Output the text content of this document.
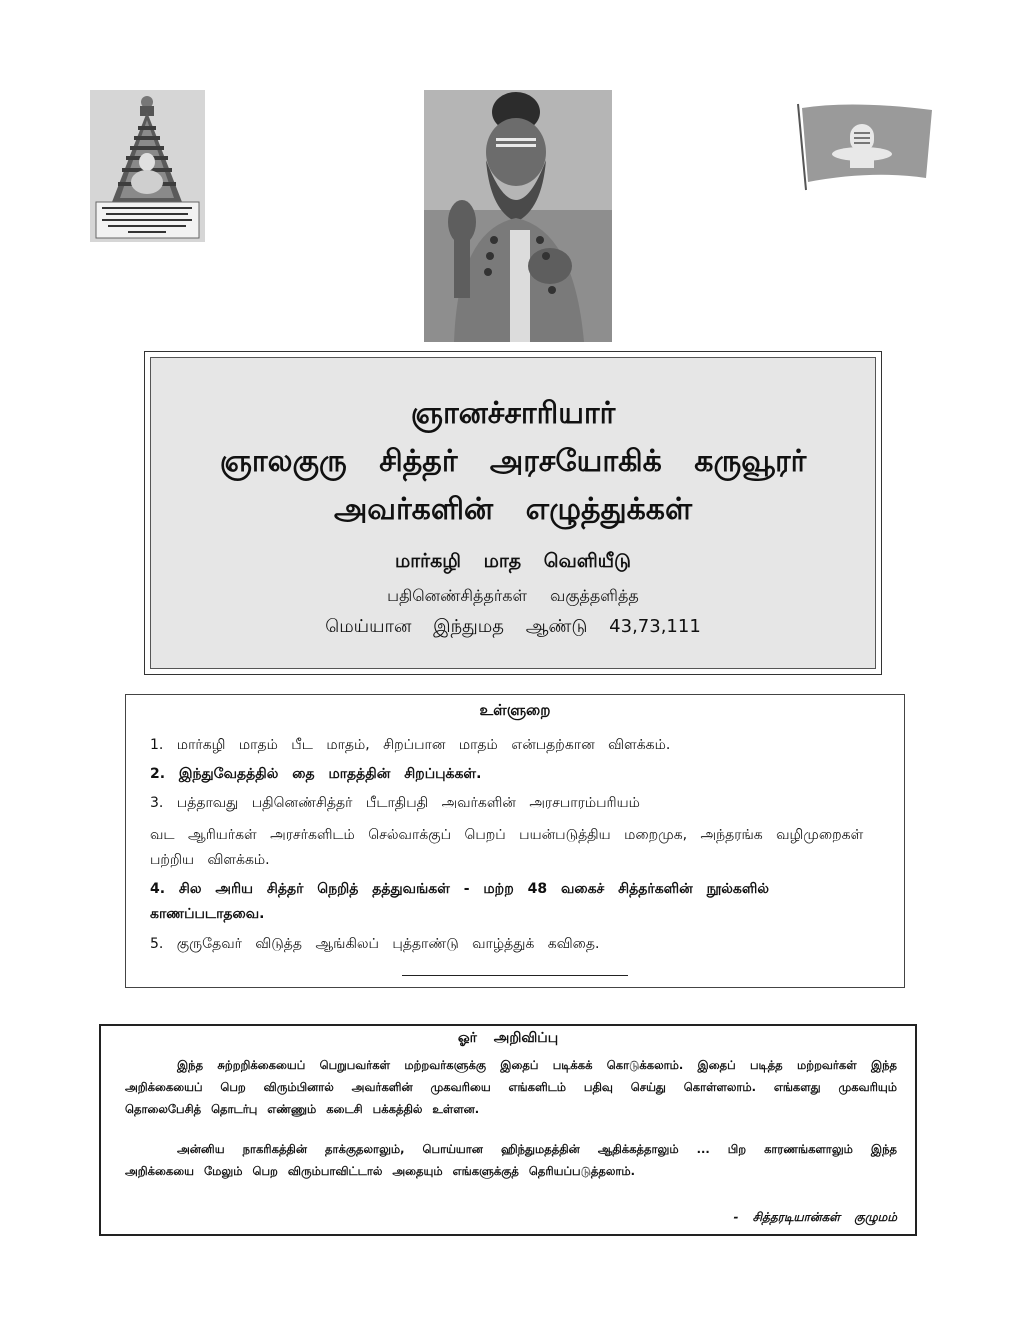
ஞானச்சாரியார்
ஞாலகுரு சித்தர் அரசயோகிக் கருவூரர்
அவர்களின் எழுத்துக்கள்
மார்கழி மாத வெளியீடு
பதினெண்சித்தர்கள் வகுத்தளித்த
மெய்யான இந்துமத ஆண்டு 43,73,111
உள்ளுறை
1. மார்கழி மாதம் பீட மாதம், சிறப்பான மாதம் என்பதற்கான விளக்கம்.
2. இந்துவேதத்தில் தை மாதத்தின் சிறப்புக்கள்.
3. பத்தாவது பதினெண்சித்தர் பீடாதிபதி அவர்களின் அரசபாரம்பரியம்
வட ஆரியர்கள் அரசர்களிடம் செல்வாக்குப் பெறப் பயன்படுத்திய மறைமுக, அந்தரங்க வழிமுறைகள் பற்றிய விளக்கம்.
4. சில அரிய சித்தர் நெறித் தத்துவங்கள் - மற்ற 48 வகைச் சித்தர்களின் நூல்களில் காணப்படாதவை.
5. குருதேவர் விடுத்த ஆங்கிலப் புத்தாண்டு வாழ்த்துக் கவிதை.
ஓர் அறிவிப்பு
இந்த சுற்றறிக்கையைப் பெறுபவர்கள் மற்றவர்களுக்கு இதைப் படிக்கக் கொடுக்கலாம். இதைப் படித்த மற்றவர்கள் இந்த அறிக்கையைப் பெற விரும்பினால் அவர்களின் முகவரியை எங்களிடம் பதிவு செய்து கொள்ளலாம். எங்களது முகவரியும் தொலைபேசித் தொடர்பு எண்ணும் கடைசி பக்கத்தில் உள்ளன.
அன்னிய நாகரிகத்தின் தாக்குதலாலும், பொய்யான ஹிந்துமதத்தின் ஆதிக்கத்தாலும் ... பிற காரணங்களாலும் இந்த அறிக்கையை மேலும் பெற விரும்பாவிட்டால் அதையும் எங்களுக்குத் தெரியப்படுத்தலாம்.
- சித்தரடியான்கள் குழுமம்
